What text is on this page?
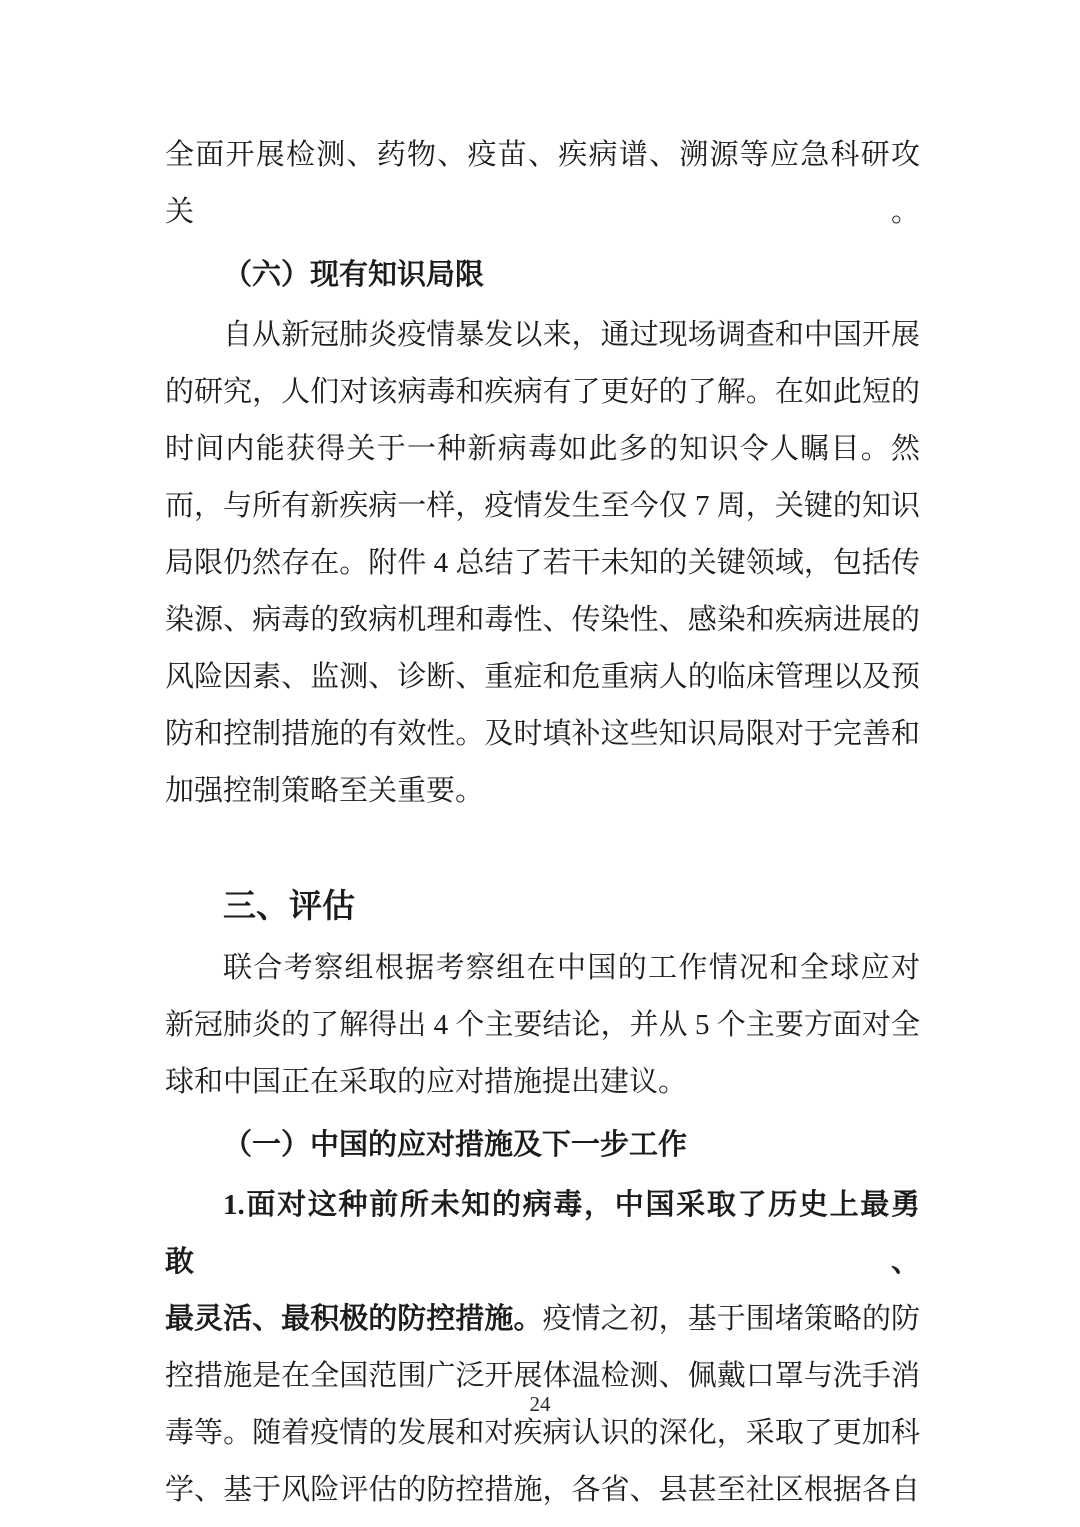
全面开展检测、药物、疫苗、疾病谱、溯源等应急科研攻关。
（六）现有知识局限
自从新冠肺炎疫情暴发以来，通过现场调查和中国开展
的研究，人们对该病毒和疾病有了更好的了解。在如此短的
时间内能获得关于一种新病毒如此多的知识令人瞩目。然
而，与所有新疾病一样，疫情发生至今仅 7 周，关键的知识
局限仍然存在。附件 4 总结了若干未知的关键领域，包括传
染源、病毒的致病机理和毒性、传染性、感染和疾病进展的
风险因素、监测、诊断、重症和危重病人的临床管理以及预
防和控制措施的有效性。及时填补这些知识局限对于完善和
加强控制策略至关重要。
三、评估
联合考察组根据考察组在中国的工作情况和全球应对
新冠肺炎的了解得出 4 个主要结论，并从 5 个主要方面对全
球和中国正在采取的应对措施提出建议。
（一）中国的应对措施及下一步工作
1.面对这种前所未知的病毒，中国采取了历史上最勇敢、
最灵活、最积极的防控措施。疫情之初，基于围堵策略的防
控措施是在全国范围广泛开展体温检测、佩戴口罩与洗手消
毒等。随着疫情的发展和对疾病认识的深化，采取了更加科
学、基于风险评估的防控措施，各省、县甚至社区根据各自
24
